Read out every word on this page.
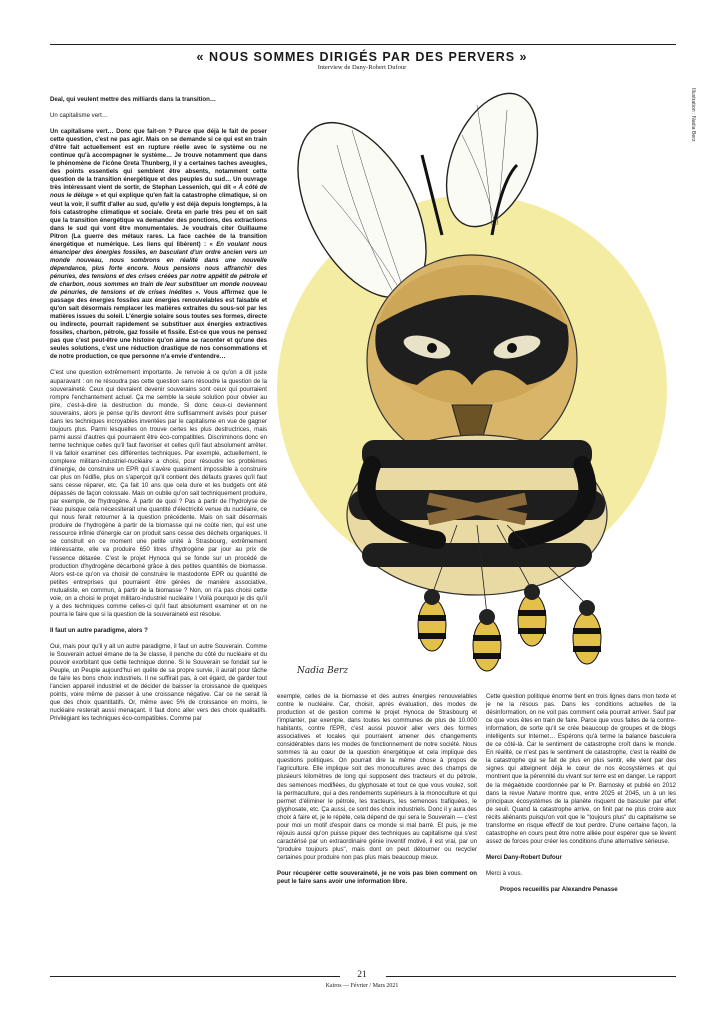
« NOUS SOMMES DIRIGÉS PAR DES PERVERS »
Interview de Dany-Robert Dufour
Illustration : Nadia Berz
Nadia Berz

Deal, qui veulent mettre des milliards dans la transition…

Un capitalisme vert…

Un capitalisme vert… Donc que fait-on ? Parce que déjà le fait de poser cette question, c'est ne pas agir. Mais on se demande si ce qui est en train d'être fait actuellement est en rupture réelle avec le système ou ne continue qu'à accompagner le système… Je trouve notamment que dans le phénomène de l'icône Greta Thunberg, il y a certaines taches aveugles, des points essentiels qui semblent être absents, notamment cette question de la transition énergétique et des peuples du sud… Un ouvrage très intéressant vient de sortir, de Stephan Lessenich, qui dit « À côté de nous le déluge » et qui explique qu'en fait la catastrophe climatique, si on veut la voir, il suffit d'aller au sud, qu'elle y est déjà depuis longtemps, à la fois catastrophe climatique et sociale. Greta en parle très peu et on sait que la transition énergétique va demander des ponctions, des extractions dans le sud qui vont être monumentales. Je voudrais citer Guillaume Pitron (La guerre des métaux rares. La face cachée de la transition énergétique et numérique. Les liens qui libèrent) : « En voulant nous émanciper des énergies fossiles, en basculant d'un ordre ancien vers un monde nouveau, nous sombrons en réalité dans une nouvelle dépendance, plus forte encore. Nous pensions nous affranchir des pénuries, des tensions et des crises créées par notre appétit de pétrole et de charbon, nous sommes en train de leur substituer un monde nouveau de pénuries, de tensions et de crises inédites ». Vous affirmez que le passage des énergies fossiles aux énergies renouvelables est faisable et qu'on sait désormais remplacer les matières extraites du sous-sol par les matières issues du soleil. L'énergie solaire sous toutes ses formes, directe ou indirecte, pourrait rapidement se substituer aux énergies extractives fossiles, charbon, pétrole, gaz fossile et fissile. Est-ce que vous ne pensez pas que c'est peut-être une histoire qu'on aime se raconter et qu'une des seules solutions, c'est une réduction drastique de nos consommations et de notre production, ce que personne n'a envie d'entendre…

C'est une question extrêmement importante. Je renvoie à ce qu'on a dit juste auparavant : on ne résoudra pas cette question sans résoudre la question de la souveraineté. Ceux qui devraient devenir souverains sont ceux qui pourraient rompre l'enchantement actuel. Ça me semble la seule solution pour obvier au pire, c'est-à-dire la destruction du monde. Si donc ceux-ci deviennent souverains, alors je pense qu'ils devront être suffisamment avisés pour puiser dans les techniques incroyables inventées par le capitalisme en vue de gagner toujours plus. Parmi lesquelles on trouve certes les plus destructrices, mais parmi aussi d'autres qui pourraient être éco-compatibles. Discriminons donc en terme technique celles qu'il faut favoriser et celles qu'il faut absolument arrêter. Il va falloir examiner ces différentes techniques. Par exemple, actuellement, le complexe militaro-industriel-nucléaire a choisi, pour résoudre les problèmes d'énergie, de construire un EPR qui s'avère quasiment impossible à construire car plus on l'édifie, plus on s'aperçoit qu'il contient des défauts graves qu'il faut sans cesse réparer, etc. Ça fait 10 ans que cela dure et les budgets ont été dépassés de façon colossale. Mais on oublie qu'on sait techniquement produire, par exemple, de l'hydrogène. À partir de quoi ? Pas à partir de l'hydrolyse de l'eau puisque cela nécessiterait une quantité d'électricité venue du nucléaire, ce qui nous ferait retourner à la question précédente. Mais on sait désormais produire de l'hydrogène à partir de la biomasse qui ne coûte rien, qui est une ressource infinie d'énergie car on produit sans cesse des déchets organiques. Il se construit en ce moment une petite unité à Strasbourg, extrêmement intéressante, elle va produire 650 litres d'hydrogène par jour au prix de l'essence détaxée. C'est le projet Hynoca qui se fonde sur un procédé de production d'hydrogène décarboné grâce à des petites quantités de biomasse. Alors est-ce qu'on va choisir de construire le mastodonte EPR ou quantité de petites entreprises qui pourraient être gérées de manière associative, mutualiste, en commun, à partir de la biomasse ? Non, on n'a pas choisi cette voie, on a choisi le projet militaro-industriel nucléaire ! Voilà pourquoi je dis qu'il y a des techniques comme celles-ci qu'il faut absolument examiner et on ne pourra le faire que si la question de la souveraineté est résolue.

Il faut un autre paradigme, alors ?

Oui, mais pour qu'il y ait un autre paradigme, il faut un autre Souverain. Comme le Souverain actuel émane de la 3e classe, il penche du côté du nucléaire et du pouvoir exorbitant que cette technique donne. Si le Souverain se fondait sur le Peuple, un Peuple aujourd'hui en quête de sa propre survie, il aurait pour tâche de faire les bons choix industriels. Il ne suffirait pas, à cet égard, de garder tout l'ancien appareil industriel et de décider de baisser la croissance de quelques points, voire même de passer à une croissance négative. Car ce ne serait là que des choix quantitatifs. Or, même avec 5% de croissance en moins, le nucléaire resterait aussi menaçant. Il faut donc aller vers des choix qualitatifs. Privilégiant les techniques éco-compatibles. Comme par

exemple, celles de la biomasse et des autres énergies renouvelables contre le nucléaire. Car, choisir, après évaluation, des modes de production et de gestion comme le projet Hynoca de Strasbourg et l'implanter, par exemple, dans toutes les communes de plus de 10.000 habitants, contre l'EPR, c'est aussi pouvoir aller vers des formes associatives et locales qui pourraient amener des changements considérables dans les modes de fonctionnement de notre société. Nous sommes là au cœur de la question énergétique et cela implique des questions politiques. On pourrait dire la même chose à propos de l'agriculture. Elle implique soit des monocultures avec des champs de plusieurs kilomètres de long qui supposent des tracteurs et du pétrole, des semences modifiées, du glyphosate et tout ce que vous voulez, soit la permaculture, qui a des rendements supérieurs à la monoculture et qui permet d'éliminer le pétrole, les tracteurs, les semences trafiquées, le glyphosate, etc. Ça aussi, ce sont des choix industriels. Donc il y aura des choix à faire et, je le répète, cela dépend de qui sera le Souverain — c'est pour moi un motif d'espoir dans ce monde si mal barré. Et puis, je me réjouis aussi qu'on puisse piquer des techniques au capitalisme qui s'est caractérisé par un extraordinaire génie inventif motivé, il est vrai, par un "produire toujours plus", mais dont on peut détourner ou recycler certaines pour produire non pas plus mais beaucoup mieux.

Pour récupérer cette souveraineté, je ne vois pas bien comment on peut le faire sans avoir une information libre.

Cette question politique énorme tient en trois lignes dans mon texte et je ne la résous pas. Dans les conditions actuelles de la désinformation, on ne voit pas comment cela pourrait arriver. Sauf par ce que vous êtes en train de faire. Parce que vous faites de la contre-information, de sorte qu'il se crée beaucoup de groupes et de blogs intelligents sur Internet… Espérons qu'à terme la balance basculera de ce côté-là. Car le sentiment de catastrophe croît dans le monde. En réalité, ce n'est pas le sentiment de catastrophe, c'est la réalité de la catastrophe qui se fait de plus en plus sentir, elle vient par des signes qui atteignent déjà le cœur de nos écosystèmes et qui montrent que la pérennité du vivant sur terre est en danger. Le rapport de la mégaétude coordonnée par le Pr. Barnosky et publié en 2012 dans la revue Nature montre que, entre 2025 et 2045, un à un les principaux écosystèmes de la planète risquent de basculer par effet de seuil. Quand la catastrophe arrive, on finit par ne plus croire aux récits aliénants puisqu'on voit que le "toujours plus" du capitalisme se transforme en risque effectif de tout perdre. D'une certaine façon, la catastrophe en cours peut être notre alliée pour espérer que se lèvent assez de forces pour créer les conditions d'une alternative sérieuse.

Merci Dany-Robert Dufour

Merci à vous.

Propos recueillis par Alexandre Penasse

21
Kairos — Février / Mars 2021
